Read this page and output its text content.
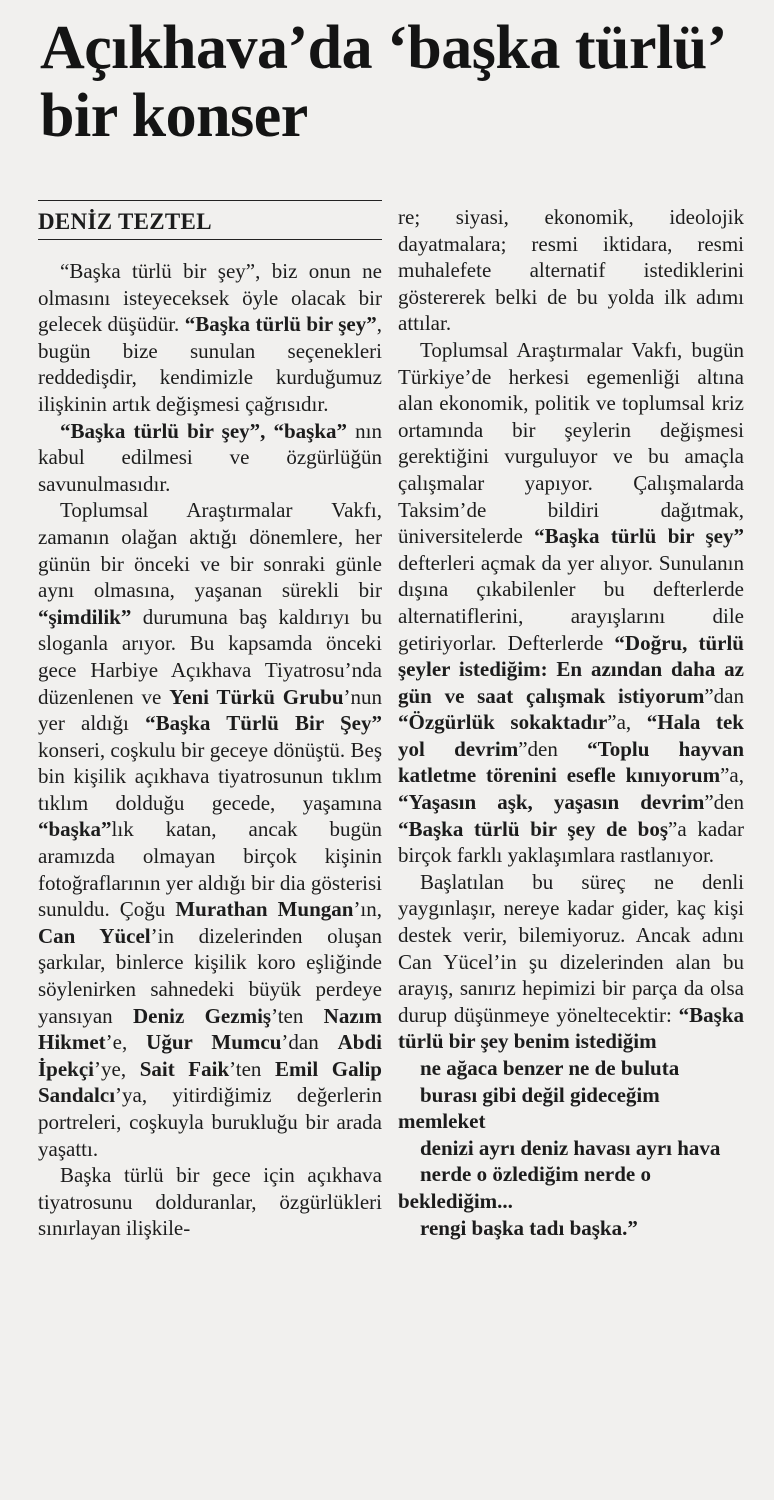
Açıkhava’da ‘başka türlü’ bir konser
DENİZ TEZTEL

“Başka türlü bir şey”, biz onun ne olmasını isteyeceksek öyle olacak bir gelecek düşüdür. “Başka türlü bir şey”, bugün bize sunulan seçenekleri reddedişdir, kendimizle kurduğumuz ilişkinin artık değişmesi çağrısıdır.

“Başka türlü bir şey”, “başka” nın kabul edilmesi ve özgürlüğün savunulmasıdır.

Toplumsal Araştırmalar Vakfı, zamanın olağan aktığı dönemlere, her günün bir önceki ve bir sonraki günle aynı olmasına, yaşanan sürekli bir “şimdilik” durumuna baş kaldırıyı bu sloganla arıyor. Bu kapsamda önceki gece Harbiye Açıkhava Tiyatrosu’nda düzenlenen ve Yeni Türkü Grubu’nun yer aldığı “Başka Türlü Bir Şey” konseri, coşkulu bir geceye dönüştü. Beş bin kişilik açıkhava tiyatrosunun tıklım tıklım dolduğu gecede, yaşamına “başka”lık katan, ancak bugün aramızda olmayan birçok kişinin fotoğraflarının yer aldığı bir dia gösterisi sunuldu. Çoğu Murathan Mungan’ın, Can Yücel’in dizelerinden oluşan şarkılar, binlerce kişilik koro eşliğinde söylenirken sahnedeki büyük perdeye yansıyan Deniz Gezmiş’ten Nazım Hikmet’e, Uğur Mumcu’dan Abdi İpekçi’ye, Sait Faik’ten Emil Galip Sandalcı’ya, yitirdiğimiz değerlerin portreleri, coşkuyla burukluğu bir arada yaşattı.

Başka türlü bir gece için açıkhava tiyatrosunu dolduranlar, özgürlükleri sınırlayan ilişkile-

re; siyasi, ekonomik, ideolojik dayatmalara; resmi iktidara, resmi muhalefete alternatif istediklerini göstererek belki de bu yolda ilk adımı attılar.

Toplumsal Araştırmalar Vakfı, bugün Türkiye’de herkesi egemenliği altına alan ekonomik, politik ve toplumsal kriz ortamında bir şeylerin değişmesi gerektiğini vurguluyor ve bu amaçla çalışmalar yapıyor. Çalışmalarda Taksim’de bildiri dağıtmak, üniversitelerde “Başka türlü bir şey” defterleri açmak da yer alıyor. Sunulanın dışına çıkabilenler bu defterlerde alternatiflerini, arayışlarını dile getiriyorlar. Defterlerde “Doğru, türlü şeyler istediğim: En azından daha az gün ve saat çalışmak istiyorum”dan “Özgürlük sokaktadır”a, “Hala tek yol devrim”den “Toplu hayvan katletme törenini esefle kınıyorum”a, “Yaşasın aşk, yaşasın devrim”den “Başka türlü bir şey de boş”a kadar birçok farklı yaklaşımlara rastlanıyor.

Başlatılan bu süreç ne denli yaygınlaşır, nereye kadar gider, kaç kişi destek verir, bilemiyoruz. Ancak adını Can Yücel’in şu dizelerinden alan bu arayış, sanırız hepimizi bir parça da olsa durup düşünmeye yöneltecektir: “Başka türlü bir şey benim istediğim

ne ağaca benzer ne de buluta
burası gibi değil gideceğim memleket
denizi ayrı deniz havası ayrı hava
nerde o özlediğim nerde o beklediğim...
rengi başka tadı başka.”
